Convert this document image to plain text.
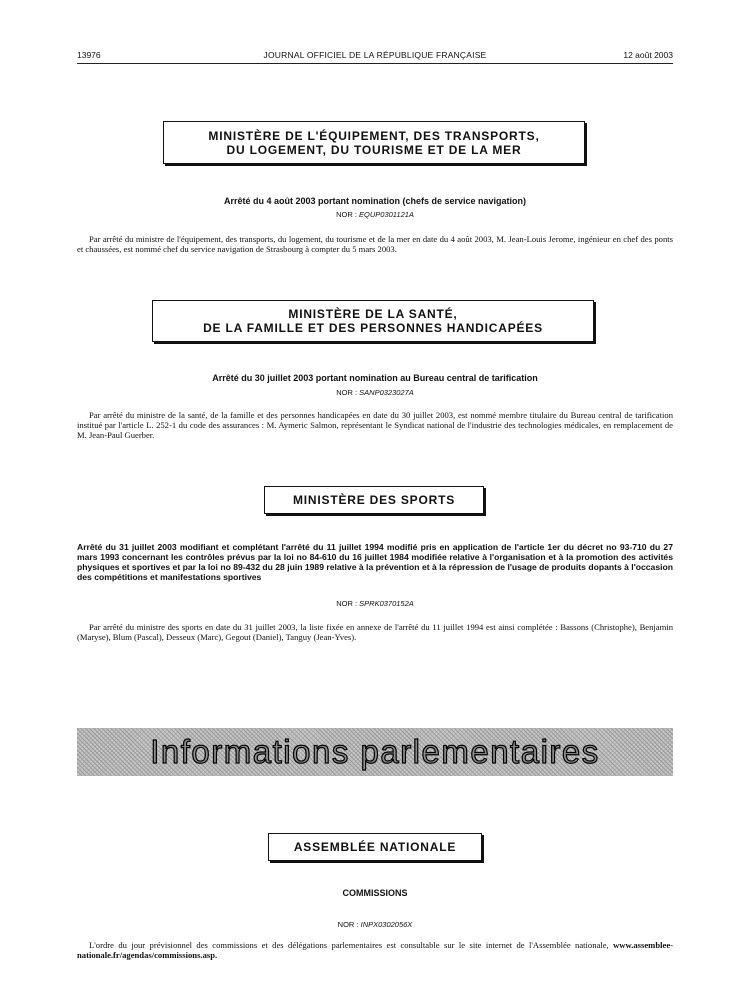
JOURNAL OFFICIEL DE LA RÉPUBLIQUE FRANÇAISE
13976	12 août 2003
MINISTÈRE DE L'ÉQUIPEMENT, DES TRANSPORTS,
DU LOGEMENT, DU TOURISME ET DE LA MER
Arrêté du 4 août 2003 portant nomination (chefs de service navigation)
NOR : EQUP0301121A

Par arrêté du ministre de l'équipement, des transports, du logement, du tourisme et de la mer en date du 4 août 2003, M. Jean-Louis Jerome, ingénieur en chef des ponts et chaussées, est nommé chef du service navigation de Strasbourg à compter du 5 mars 2003.

MINISTÈRE DE LA SANTÉ,
DE LA FAMILLE ET DES PERSONNES HANDICAPÉES
Arrêté du 30 juillet 2003 portant nomination au Bureau central de tarification
NOR : SANP0323027A

Par arrêté du ministre de la santé, de la famille et des personnes handicapées en date du 30 juillet 2003, est nommé membre titulaire du Bureau central de tarification institué par l'article L. 252-1 du code des assurances : M. Aymeric Salmon, représentant le Syndicat national de l'industrie des technologies médicales, en remplacement de M. Jean-Paul Guerber.

MINISTÈRE DES SPORTS
Arrêté du 31 juillet 2003 modifiant et complétant l'arrêté du 11 juillet 1994 modifié pris en application de l'article 1er du décret no 93-710 du 27 mars 1993 concernant les contrôles prévus par la loi no 84-610 du 16 juillet 1984 modifiée relative à l'organisation et à la promotion des activités physiques et sportives et par la loi no 89-432 du 28 juin 1989 relative à la prévention et à la répression de l'usage de produits dopants à l'occasion des compétitions et manifestations sportives
NOR : SPRK0370152A

Par arrêté du ministre des sports en date du 31 juillet 2003, la liste fixée en annexe de l'arrêté du 11 juillet 1994 est ainsi complétée : Bassons (Christophe), Benjamin (Maryse), Blum (Pascal), Desseux (Marc), Gegout (Daniel), Tanguy (Jean-Yves).

Informations parlementaires
ASSEMBLÉE NATIONALE
COMMISSIONS
NOR : INPX0302056X

L'ordre du jour prévisionnel des commissions et des délégations parlementaires est consultable sur le site internet de l'Assemblée nationale, www.assemblee-nationale.fr/agendas/commissions.asp.
